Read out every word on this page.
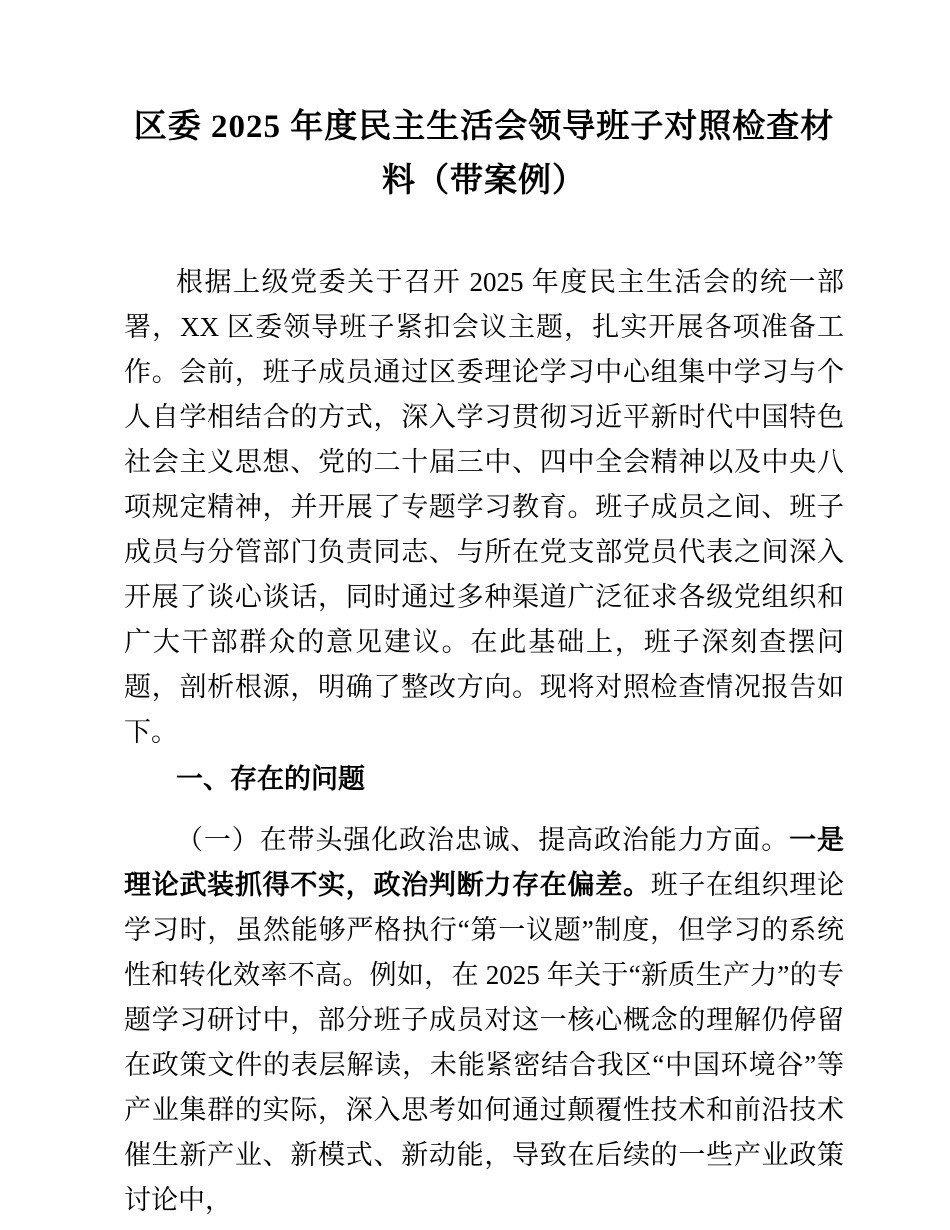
区委 2025 年度民主生活会领导班子对照检查材料（带案例）

根据上级党委关于召开 2025 年度民主生活会的统一部署，XX 区委领导班子紧扣会议主题，扎实开展各项准备工作。会前，班子成员通过区委理论学习中心组集中学习与个人自学相结合的方式，深入学习贯彻习近平新时代中国特色社会主义思想、党的二十届三中、四中全会精神以及中央八项规定精神，并开展了专题学习教育。班子成员之间、班子成员与分管部门负责同志、与所在党支部党员代表之间深入开展了谈心谈话，同时通过多种渠道广泛征求各级党组织和广大干部群众的意见建议。在此基础上，班子深刻查摆问题，剖析根源，明确了整改方向。现将对照检查情况报告如下。

一、存在的问题

（一）在带头强化政治忠诚、提高政治能力方面。一是理论武装抓得不实，政治判断力存在偏差。班子在组织理论学习时，虽然能够严格执行“第一议题”制度，但学习的系统性和转化效率不高。例如，在 2025 年关于“新质生产力”的专题学习研讨中，部分班子成员对这一核心概念的理解仍停留在政策文件的表层解读，未能紧密结合我区“中国环境谷”等产业集群的实际，深入思考如何通过颠覆性技术和前沿技术催生新产业、新模式、新动能，导致在后续的一些产业政策讨论中，
